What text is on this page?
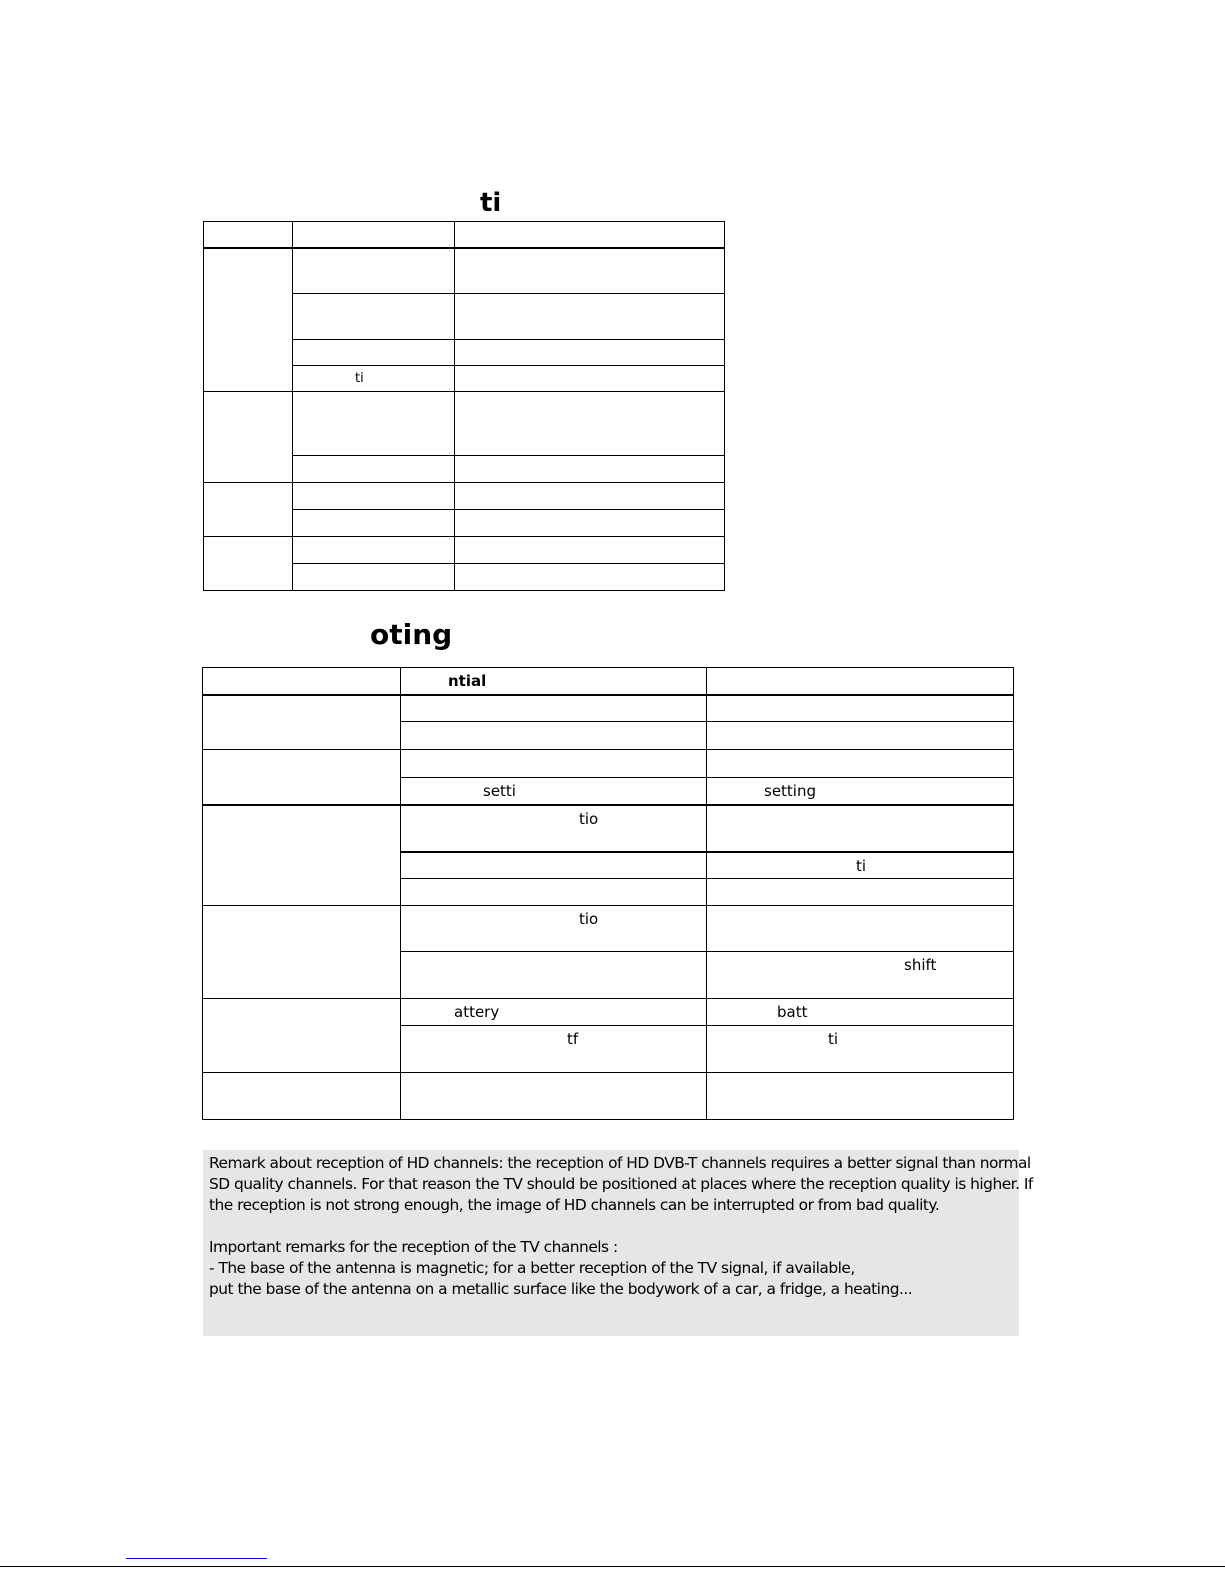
ti

	ti	

oting

	ntial	

	setti	setting

	tio	

		ti

	tio	

		shift

	attery	batt

	tf	ti

Remark about reception of HD channels: the reception of HD DVB-T channels requires a better signal than normal

SD quality channels. For that reason the TV should be positioned at places where the reception quality is higher. If

the reception is not strong enough, the image of HD channels can be interrupted or from bad quality.

Important remarks for the reception of the TV channels :

- The base of the antenna is magnetic; for a better reception of the TV signal, if available,

put the base of the antenna on a metallic surface like the bodywork of a car, a fridge, a heating...
